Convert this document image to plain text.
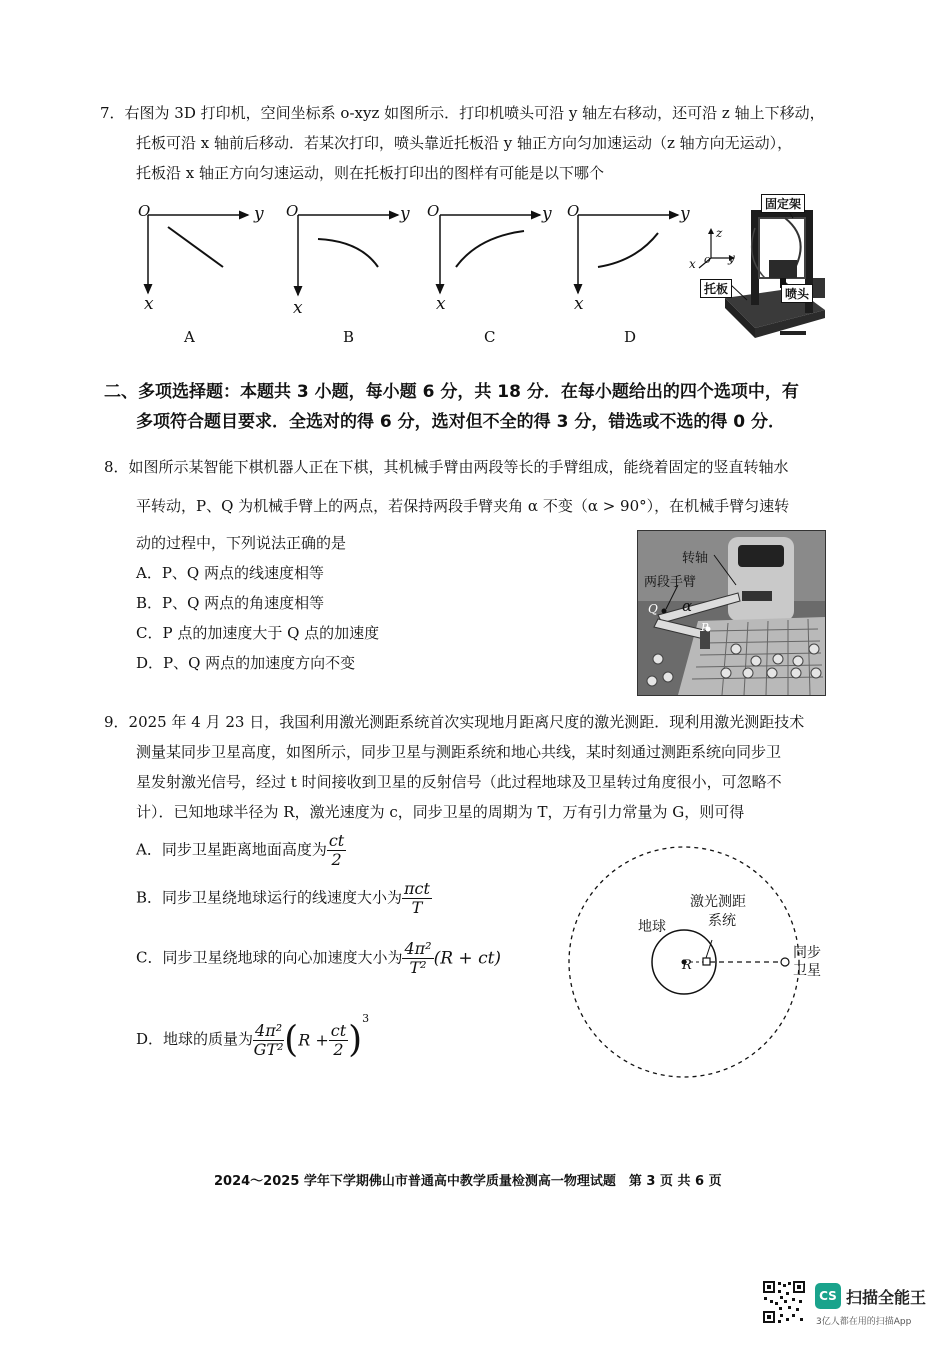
7．右图为 3D 打印机，空间坐标系 o-xyz 如图所示．打印机喷头可沿 y 轴左右移动，还可沿 z 轴上下移动，
托板可沿 x 轴前后移动．若某次打印，喷头靠近托板沿 y 轴正方向匀加速运动（z 轴方向无运动），
托板沿 x 轴正方向匀速运动，则在托板打印出的图样有可能是以下哪个
O	y
x
A
O	y
x
B
O	y
x
C
O	y
x
D
固定架
托板	喷头
z
y
x o
二、多项选择题：本题共 3 小题，每小题 6 分，共 18 分．在每小题给出的四个选项中，有
多项符合题目要求．全选对的得 6 分，选对但不全的得 3 分，错选或不选的得 0 分．
8．如图所示某智能下棋机器人正在下棋，其机械手臂由两段等长的手臂组成，能绕着固定的竖直转轴水
平转动，P、Q 为机械手臂上的两点，若保持两段手臂夹角 α 不变（α > 90°），在机械手臂匀速转
动的过程中，下列说法正确的是
A．P、Q 两点的线速度相等
B．P、Q 两点的角速度相等
C．P 点的加速度大于 Q 点的加速度
D．P、Q 两点的加速度方向不变
转轴
两段手臂
α
Q
P
9．2025 年 4 月 23 日，我国利用激光测距系统首次实现地月距离尺度的激光测距．现利用激光测距技术
测量某同步卫星高度，如图所示，同步卫星与测距系统和地心共线，某时刻通过测距系统向同步卫
星发射激光信号，经过 t 时间接收到卫星的反射信号（此过程地球及卫星转过角度很小，可忽略不
计）．已知地球半径为 R，激光速度为 c，同步卫星的周期为 T，万有引力常量为 G，则可得
A．同步卫星距离地面高度为 $\frac{ct}{2}$
B．同步卫星绕地球运行的线速度大小为 $\frac{\text{πct}}{T}$
C．同步卫星绕地球的向心加速度大小为 $\frac{\text{4π²}}{\text{T²}} (R + ct)$
D．地球的质量为 $\frac{\text{4π²}}{\text{GT²}} (R + \frac{ct}{2} )^3$
地球
激光测距
系统
同步
卫星
R
2024～2025 学年下学期佛山市普通高中教学质量检测高一物理试题　第 3 页 共 6 页
CS 扫描全能王
3亿人都在用的扫描App
